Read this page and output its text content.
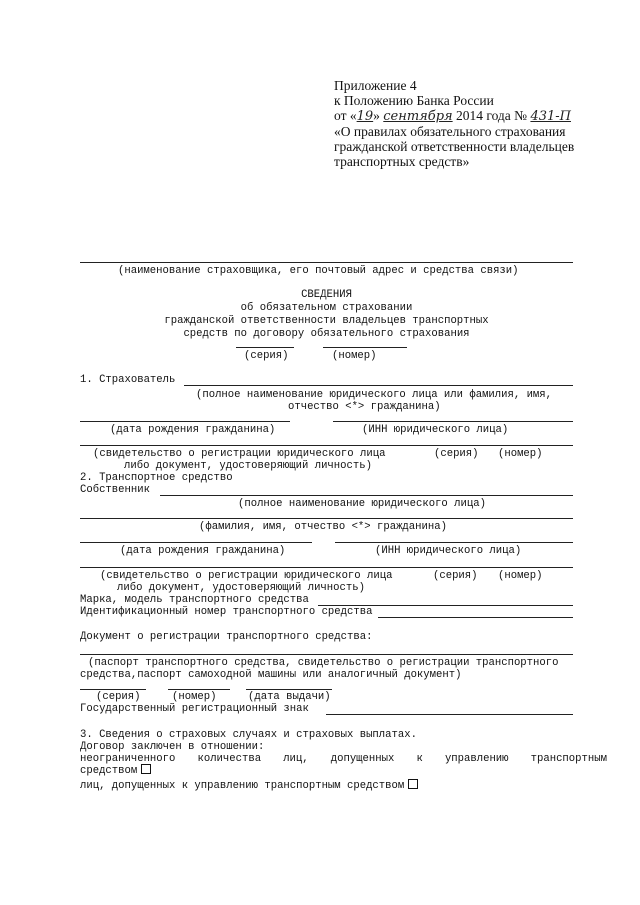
Приложение 4
к Положению Банка России
от «19» сентября 2014 года № 431-П
«О правилах обязательного страхования
гражданской ответственности владельцев
транспортных средств»
(наименование страховщика, его почтовый адрес и средства связи)
СВЕДЕНИЯ
об обязательном страховании
гражданской ответственности владельцев транспортных
средств по договору обязательного страхования
(серия)	(номер)
1. Страхователь
(полное наименование юридического лица или фамилия, имя,
отчество <*> гражданина)
(дата рождения гражданина)	(ИНН юридического лица)
(свидетельство о регистрации юридического лица	(серия) (номер)
либо документ, удостоверяющий личность)
2. Транспортное средство
Собственник
(полное наименование юридического лица)
(фамилия, имя, отчество <*> гражданина)
(дата рождения гражданина)	(ИНН юридического лица)
(свидетельство о регистрации юридического лица	(серия) (номер)
либо документ, удостоверяющий личность)
Марка, модель транспортного средства
Идентификационный номер транспортного средства
Документ о регистрации транспортного средства:
(паспорт транспортного средства, свидетельство о регистрации транспортного
средства,паспорт самоходной машины или аналогичный документ)
(серия)	(номер)	(дата выдачи)
Государственный регистрационный знак
3. Сведения о страховых случаях и страховых выплатах.
Договор заключен в отношении:
неограниченного количества лиц, допущенных к управлению транспортным
средством
лиц, допущенных к управлению транспортным средством
